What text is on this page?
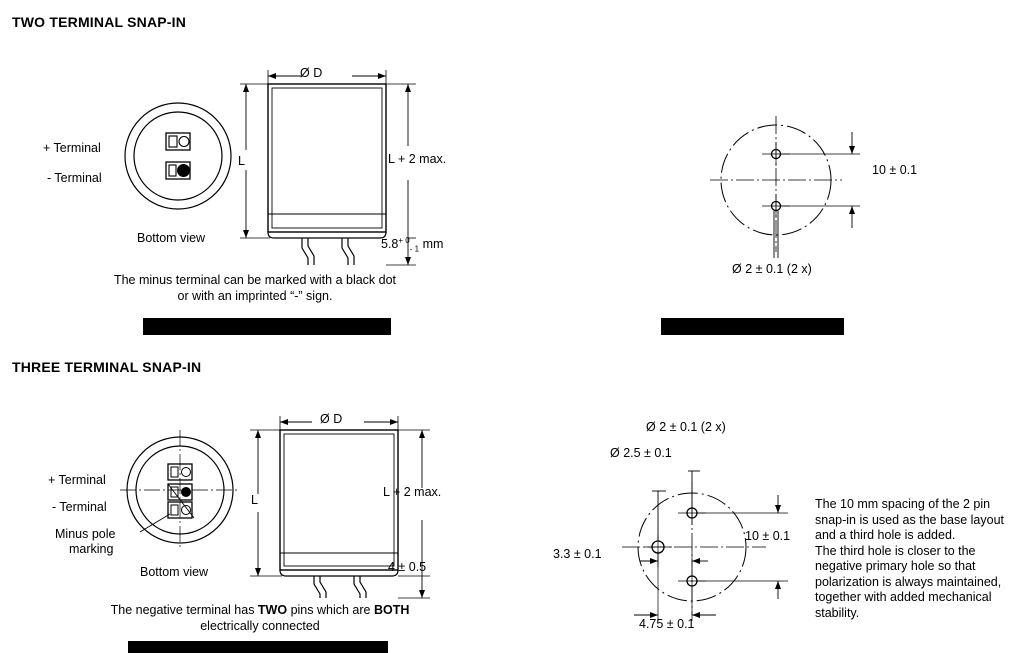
TWO TERMINAL SNAP-IN
+ Terminal
- Terminal
Bottom view
Ø D
L	L + 2 max.
$5.8^{+ 0}_{- 1}$ mm
The minus terminal can be marked with a black dot
or with an imprinted “-” sign.
10 ± 0.1
Ø 2 ± 0.1 (2 x)
THREE TERMINAL SNAP-IN
+ Terminal
- Terminal
Minus pole
marking
Bottom view
Ø D
L
L + 2 max.
4 ± 0.5
The negative terminal has TWO pins which are BOTH
electrically connected
Ø 2 ± 0.1 (2 x)
Ø 2.5 ± 0.1
3.3 ± 0.1
10 ± 0.1
4.75 ± 0.1
The 10 mm spacing of the 2 pin
snap-in is used as the base layout
and a third hole is added.
The third hole is closer to the
negative primary hole so that
polarization is always maintained,
together with added mechanical
stability.
